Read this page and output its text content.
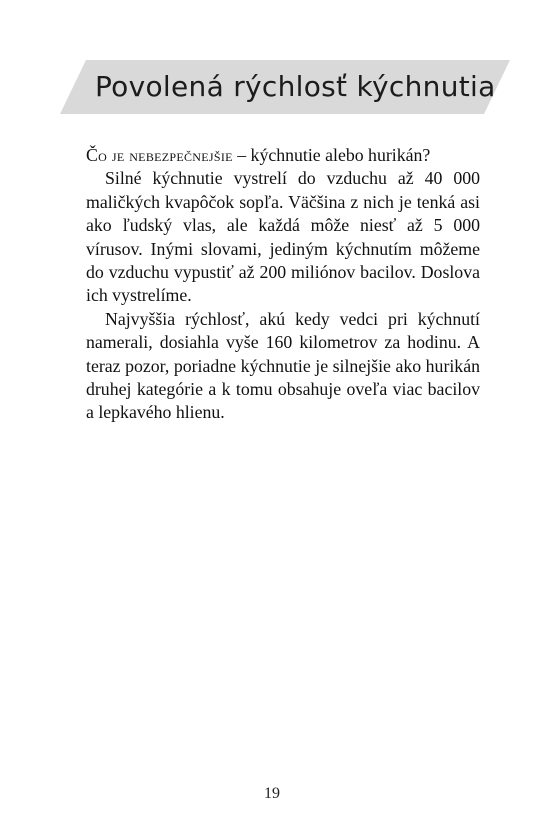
Povolená rýchlosť kýchnutia

Čo je nebezpečnejšie – kýchnutie alebo hurikán?

Silné kýchnutie vystrelí do vzduchu až 40 000 maličkých kvapôčok sopľa. Väčšina z nich je tenká asi ako ľudský vlas, ale každá môže niesť až 5 000 vírusov. Inými slovami, jediným kýchnutím môžeme do vzduchu vypustiť až 200 miliónov bacilov. Doslova ich vystrelíme.

Najvyššia rýchlosť, akú kedy vedci pri kýchnutí namerali, dosiahla vyše 160 kilometrov za hodinu. A teraz pozor, poriadne kýchnutie je silnejšie ako hurikán druhej kategórie a k tomu obsahuje oveľa viac bacilov a lepkavého hlienu.

19
